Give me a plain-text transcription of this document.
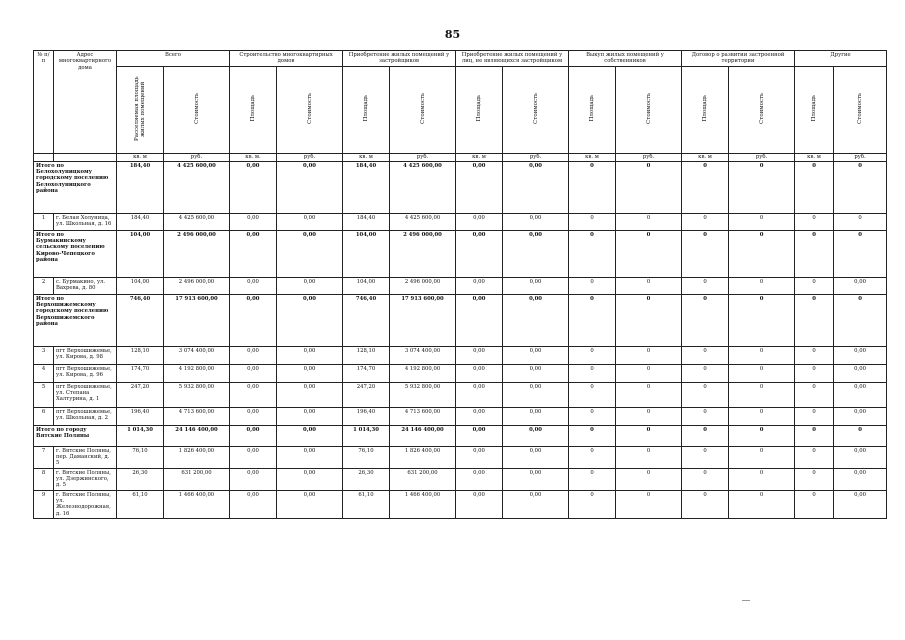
85
№ п/п	Адрес многоквартирного дома	Всего		Строительство многоквартирных домов		Приобретение жилых помещений у застройщиков		Приобретение жилых помещений у лиц, не являющихся застройщиком		Выкуп жилых помещений у собственников		Договор о развитии застроенной территории		Другие	
		Расселяемая площадь жилых помещений	Стоимость	Площадь	Стоимость	Площадь	Стоимость	Площадь	Стоимость	Площадь	Стоимость	Площадь	Стоимость	Площадь	Стоимость
		кв. м	руб.	кв. м.	руб.	кв. м	руб.	кв. м	руб.	кв. м	руб.	кв. м	руб.	кв. м	руб.
Итого по Белохолуницкому городскому поселению Белохолуницкого района		184,40	4 425 600,00	0,00	0,00	184,40	4 425 600,00	0,00	0,00	0	0	0	0	0	0
1	г. Белая Холуница, ул. Школьная, д. 16	184,40	4 425 600,00	0,00	0,00	184,40	4 425 600,00	0,00	0,00	0	0	0	0	0	0
Итого по Бурмакинскому сельскому поселению Кирово-Чепецкого района		104,00	2 496 000,00	0,00	0,00	104,00	2 496 000,00	0,00	0,00	0	0	0	0	0	0
2	с. Бурмакино, ул. Вахрева, д. 80	104,00	2 496 000,00	0,00	0,00	104,00	2 496 000,00	0,00	0,00	0	0	0	0	0	0,00
Итого по Верхошижемскому городскому поселению Верхошижемского района		746,40	17 913 600,00	0,00	0,00	746,40	17 913 600,00	0,00	0,00	0	0	0	0	0	0
3	пгт Верхошижемье, ул. Кирова, д. 98	128,10	3 074 400,00	0,00	0,00	128,10	3 074 400,00	0,00	0,00	0	0	0	0	0	0,00
4	пгт Верхошижемье, ул. Кирова, д. 96	174,70	4 192 800,00	0,00	0,00	174,70	4 192 800,00	0,00	0,00	0	0	0	0	0	0,00
5	пгт Верхошижемье, ул. Степана Халтурина, д. 1	247,20	5 932 800,00	0,00	0,00	247,20	5 932 800,00	0,00	0,00	0	0	0	0	0	0,00
6	пгт Верхошижемье, ул. Школьная, д. 2	196,40	4 713 600,00	0,00	0,00	196,40	4 713 600,00	0,00	0,00	0	0	0	0	0	0,00
Итого по городу Вятские Поляны		1 014,30	24 146 400,00	0,00	0,00	1 014,30	24 146 400,00	0,00	0,00	0	0	0	0	0	0
7	г. Вятские Поляны, пер. Даманский, д. 5	76,10	1 826 400,00	0,00	0,00	76,10	1 826 400,00	0,00	0,00	0	0	0	0	0	0,00
8	г. Вятские Поляны, ул. Дзержинского, д. 5	26,30	631 200,00	0,00	0,00	26,30	631 200,00	0,00	0,00	0	0	0	0	0	0,00
9	г. Вятские Поляны, ул. Железнодорожная, д. 16	61,10	1 466 400,00	0,00	0,00	61,10	1 466 400,00	0,00	0,00	0	0	0	0	0	0,00
